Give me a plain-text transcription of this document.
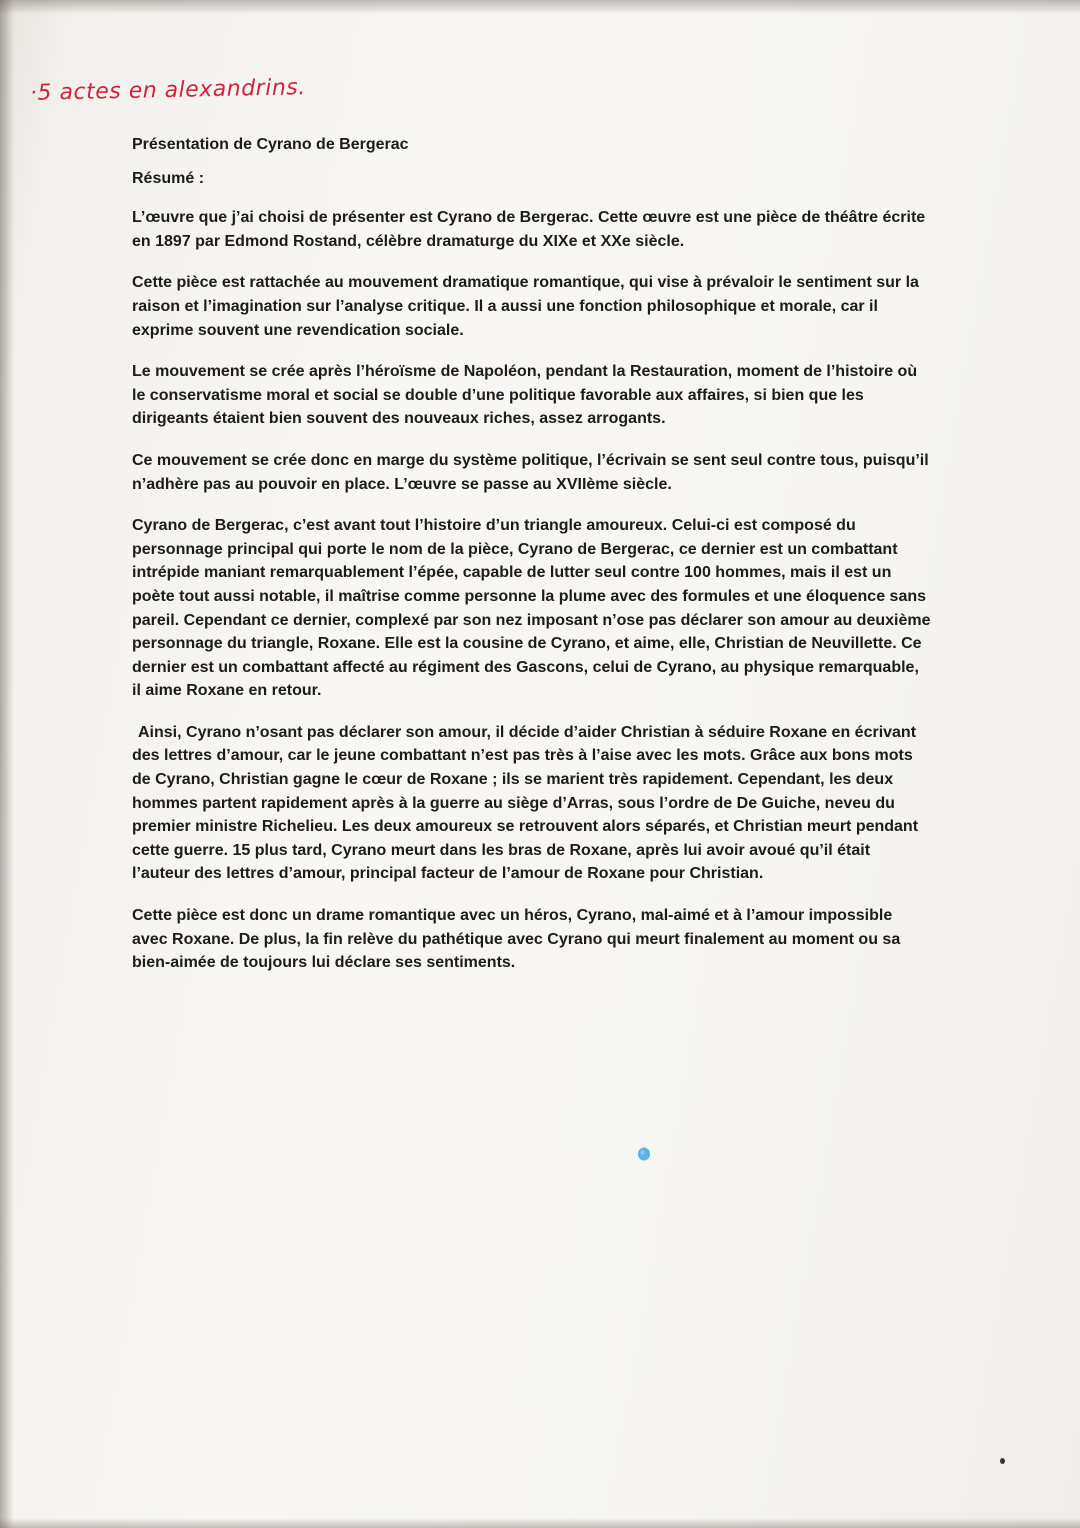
·5 actes en alexandrins.

Présentation de Cyrano de Bergerac

Résumé :

L’œuvre que j’ai choisi de présenter est Cyrano de Bergerac. Cette œuvre est une pièce de théâtre écrite en 1897 par Edmond Rostand, célèbre dramaturge du XIXe et XXe siècle.

Cette pièce est rattachée au mouvement dramatique romantique, qui vise à prévaloir le sentiment sur la raison et l’imagination sur l’analyse critique. Il a aussi une fonction philosophique et morale, car il exprime souvent une revendication sociale.

Le mouvement se crée après l’héroïsme de Napoléon, pendant la Restauration, moment de l’histoire où le conservatisme moral et social se double d’une politique favorable aux affaires, si bien que les dirigeants étaient bien souvent des nouveaux riches, assez arrogants.

Ce mouvement se crée donc en marge du système politique, l’écrivain se sent seul contre tous, puisqu’il n’adhère pas au pouvoir en place. L’œuvre se passe au XVIIème siècle.

Cyrano de Bergerac, c’est avant tout l’histoire d’un triangle amoureux. Celui-ci est composé du personnage principal qui porte le nom de la pièce, Cyrano de Bergerac, ce dernier est un combattant intrépide maniant remarquablement l’épée, capable de lutter seul contre 100 hommes, mais il est un poète tout aussi notable, il maîtrise comme personne la plume avec des formules et une éloquence sans pareil. Cependant ce dernier, complexé par son nez imposant n’ose pas déclarer son amour au deuxième personnage du triangle, Roxane. Elle est la cousine de Cyrano, et aime, elle, Christian de Neuvillette. Ce dernier est un combattant affecté au régiment des Gascons, celui de Cyrano, au physique remarquable, il aime Roxane en retour.

Ainsi, Cyrano n’osant pas déclarer son amour, il décide d’aider Christian à séduire Roxane en écrivant des lettres d’amour, car le jeune combattant n’est pas très à l’aise avec les mots. Grâce aux bons mots de Cyrano, Christian gagne le cœur de Roxane ; ils se marient très rapidement. Cependant, les deux hommes partent rapidement après à la guerre au siège d’Arras, sous l’ordre de De Guiche, neveu du premier ministre Richelieu. Les deux amoureux se retrouvent alors séparés, et Christian meurt pendant cette guerre. 15 plus tard, Cyrano meurt dans les bras de Roxane, après lui avoir avoué qu’il était l’auteur des lettres d’amour, principal facteur de l’amour de Roxane pour Christian.

Cette pièce est donc un drame romantique avec un héros, Cyrano, mal-aimé et à l’amour impossible avec Roxane. De plus, la fin relève du pathétique avec Cyrano qui meurt finalement au moment ou sa bien-aimée de toujours lui déclare ses sentiments.
